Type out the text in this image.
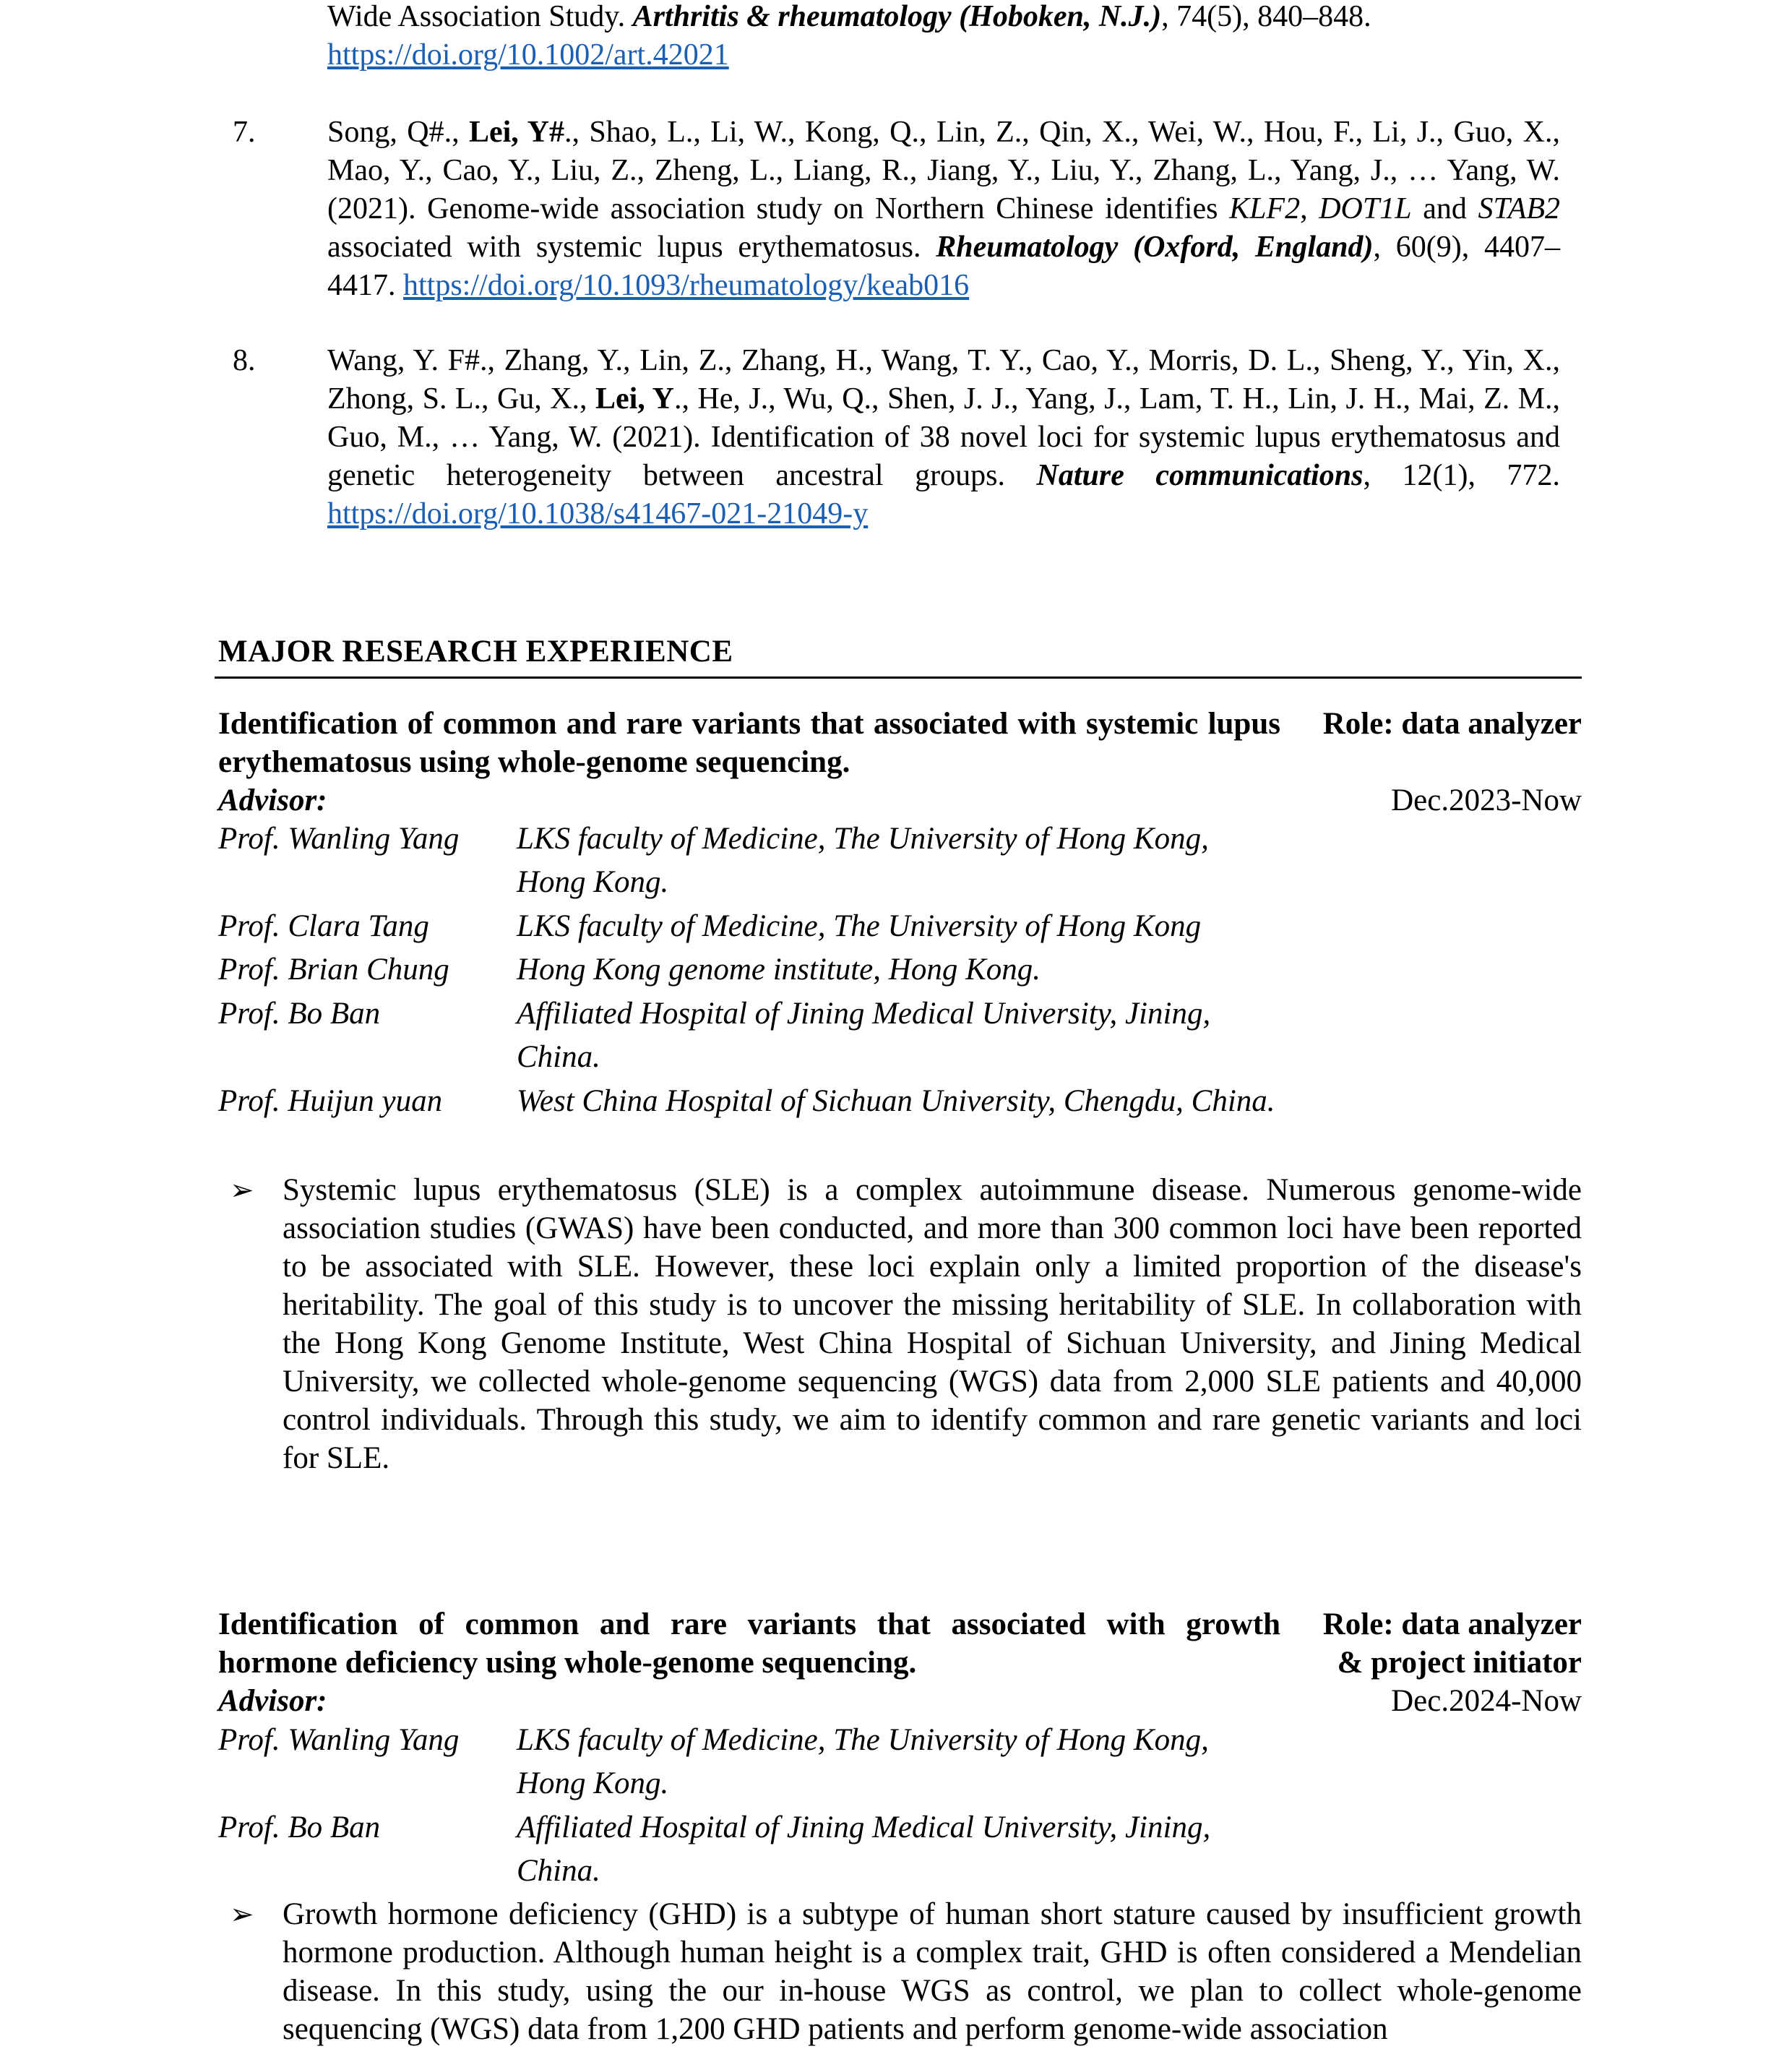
Wide Association Study. Arthritis & rheumatology (Hoboken, N.J.), 74(5), 840–848.
https://doi.org/10.1002/art.42021
7. Song, Q#., Lei, Y#., Shao, L., Li, W., Kong, Q., Lin, Z., Qin, X., Wei, W., Hou, F., Li, J., Guo, X., Mao, Y., Cao, Y., Liu, Z., Zheng, L., Liang, R., Jiang, Y., Liu, Y., Zhang, L., Yang, J., … Yang, W. (2021). Genome-wide association study on Northern Chinese identifies KLF2, DOT1L and STAB2 associated with systemic lupus erythematosus. Rheumatology (Oxford, England), 60(9), 4407–4417. https://doi.org/10.1093/rheumatology/keab016
8. Wang, Y. F#., Zhang, Y., Lin, Z., Zhang, H., Wang, T. Y., Cao, Y., Morris, D. L., Sheng, Y., Yin, X., Zhong, S. L., Gu, X., Lei, Y., He, J., Wu, Q., Shen, J. J., Yang, J., Lam, T. H., Lin, J. H., Mai, Z. M., Guo, M., … Yang, W. (2021). Identification of 38 novel loci for systemic lupus erythematosus and genetic heterogeneity between ancestral groups. Nature communications, 12(1), 772. https://doi.org/10.1038/s41467-021-21049-y
MAJOR RESEARCH EXPERIENCE
Identification of common and rare variants that associated with systemic lupus erythematosus using whole-genome sequencing.
Role: data analyzer
Advisor:	Dec.2023-Now
Prof. Wanling Yang LKS faculty of Medicine, The University of Hong Kong, Hong Kong.
Prof. Clara Tang	LKS faculty of Medicine, The University of Hong Kong
Prof. Brian Chung Hong Kong genome institute, Hong Kong.
Prof. Bo Ban	Affiliated Hospital of Jining Medical University, Jining, China.
Prof. Huijun yuan West China Hospital of Sichuan University, Chengdu, China.
➢ Systemic lupus erythematosus (SLE) is a complex autoimmune disease. Numerous genome-wide association studies (GWAS) have been conducted, and more than 300 common loci have been reported to be associated with SLE. However, these loci explain only a limited proportion of the disease's heritability. The goal of this study is to uncover the missing heritability of SLE. In collaboration with the Hong Kong Genome Institute, West China Hospital of Sichuan University, and Jining Medical University, we collected whole-genome sequencing (WGS) data from 2,000 SLE patients and 40,000 control individuals. Through this study, we aim to identify common and rare genetic variants and loci for SLE.
Identification of common and rare variants that associated with growth hormone deficiency using whole-genome sequencing.
Role: data analyzer
& project initiator
Advisor:	Dec.2024-Now
Prof. Wanling Yang LKS faculty of Medicine, The University of Hong Kong, Hong Kong.
Prof. Bo Ban	Affiliated Hospital of Jining Medical University, Jining, China.
➢ Growth hormone deficiency (GHD) is a subtype of human short stature caused by insufficient growth hormone production. Although human height is a complex trait, GHD is often considered a Mendelian disease. In this study, using the our in-house WGS as control, we plan to collect whole-genome sequencing (WGS) data from 1,200 GHD patients and perform genome-wide association
